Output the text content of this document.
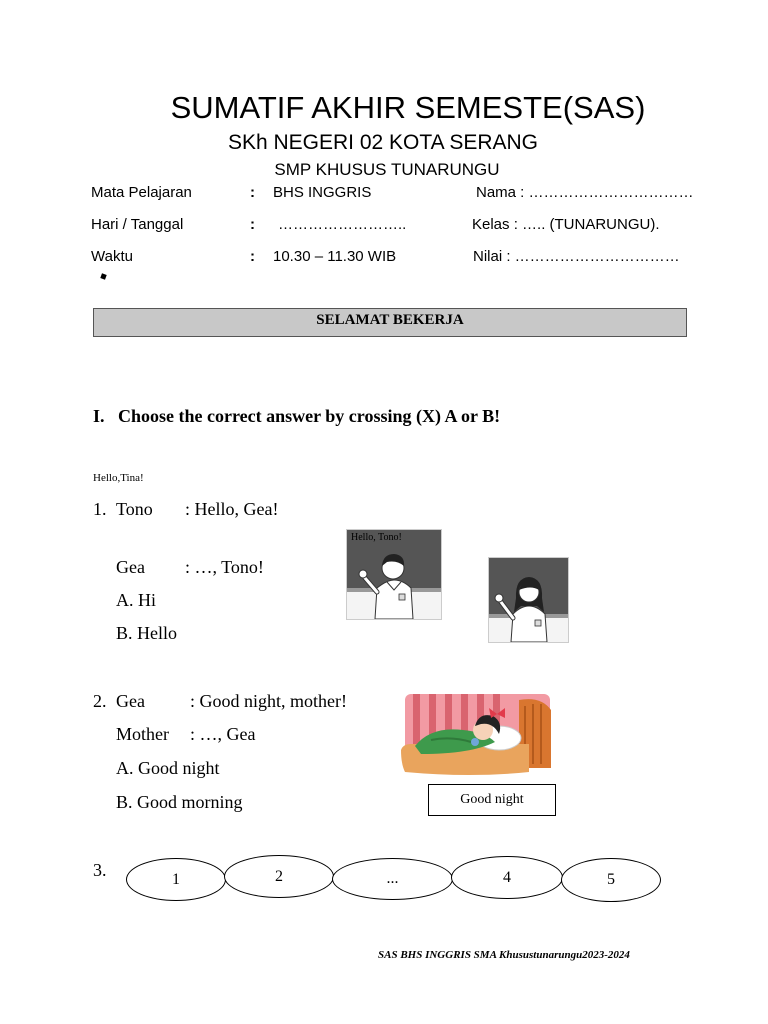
SUMATIF AKHIR SEMESTE(SAS)
SKh NEGERI 02 KOTA SERANG
SMP KHUSUS TUNARUNGU
Mata Pelajaran	: BHS INGGRIS	Nama : ……………………………
Hari / Tanggal	: ……………………..	Kelas : ….. (TUNARUNGU).
Waktu	: 10.30 – 11.30 WIB	Nilai : ……………………………
SELAMAT BEKERJA
I. Choose the correct answer by crossing (X) A or B!
Hello,Tina!
1. Tono : Hello, Gea!
Gea : …, Tono!
A. Hi
B. Hello
Hello, Tono!
2. Gea	: Good night, mother!
Mother : …, Gea
A. Good night
B. Good morning	Good night
3.	1	2	...	4	5
SAS BHS INGGRIS SMA Khusustunarungu2023-2024
